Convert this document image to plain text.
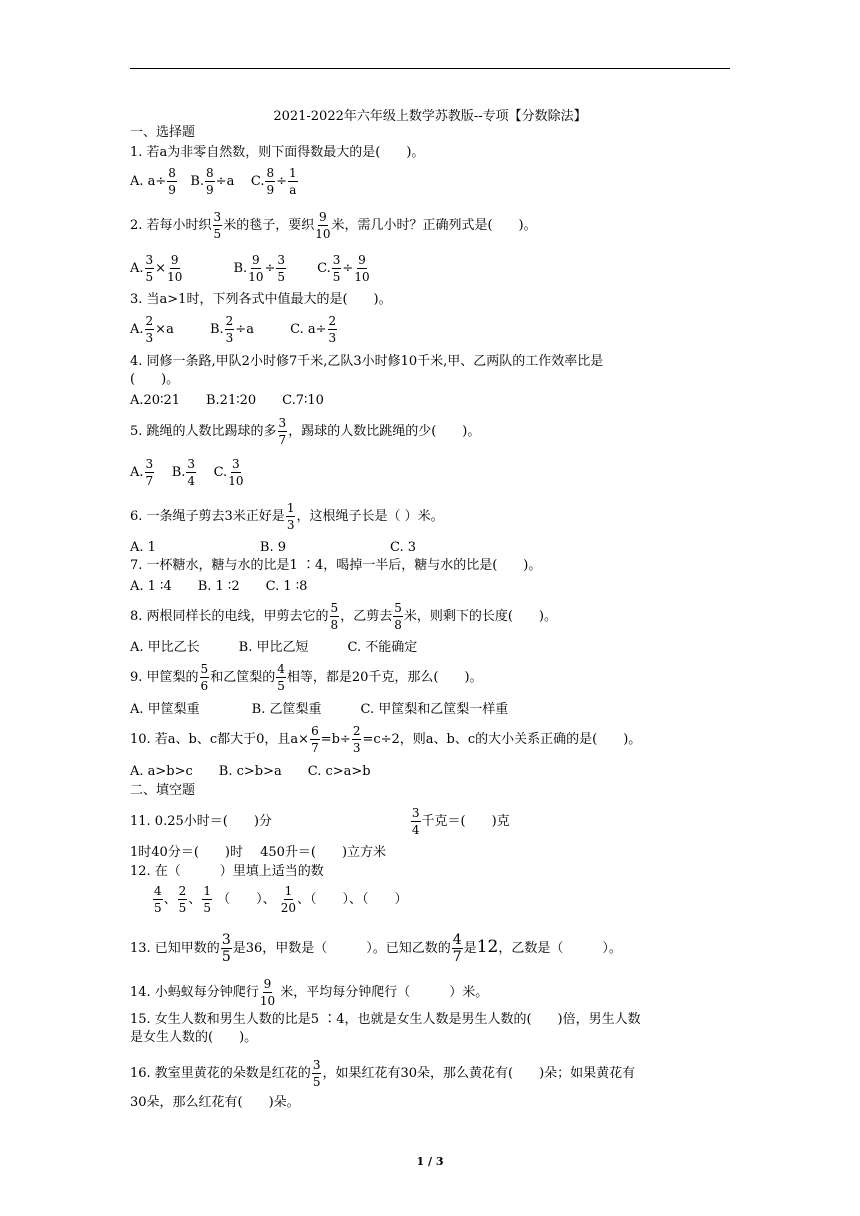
2021-2022年六年级上数学苏教版--专项【分数除法】
一、选择题
1. 若a为非零自然数，则下面得数最大的是(　　)。
A. $a\div \frac{8}{9} B$. $\frac{8}{9} \div a$ C. $\frac{8}{9} \div \frac{1}{a}$
2. 若每小时织 $\frac{3}{5}$ 米的毯子，要织 $\frac{9}{10}$ 米，需几小时？正确列式是(　　)。
A. $\frac{3}{5} \times \frac{9}{10}$	B. $\frac{9}{10} \div \frac{3}{5} C$. $\frac{3}{5} \div \frac{9}{10}$
3. 当a>1时，下列各式中值最大的是(　　)。
A. $\frac{2}{3} \times a$	B. $\frac{2}{3} \div a$	C. $a\div \frac{2}{3}$
4. 同修一条路,甲队2小时修7千米,乙队3小时修10千米,甲、乙两队的工作效率比是
(　　)。
A.20∶21　　B.21∶20　　C.7∶10
5. 跳绳的人数比踢球的多 $\frac{3}{7}$ ，踢球的人数比跳绳的少(　　)。
A. $\frac{3}{7} B$. $\frac{3}{4} C$. $\frac{3}{10}$
6. 一条绳子剪去3米正好是 $\frac{1}{3}$ ，这根绳子长是（ ）米。
A. 1　　　　　　　　B. 9　　　　　　　　C. 3
7. 一杯糖水，糖与水的比是1 ∶4，喝掉一半后，糖与水的比是(　　)。
A. 1 ∶4　　B. 1 ∶2　　C. 1 ∶8
8. 两根同样长的电线，甲剪去它的 $\frac{5}{8}$ ，乙剪去 $\frac{5}{8}$ 米，则剩下的长度(　　)。
A. 甲比乙长　　　B. 甲比乙短　　　C. 不能确定
9. 甲筐梨的 $\frac{5}{6}$ 和乙筐梨的 $\frac{4}{5}$ 相等，都是20千克，那么(　　)。
A. 甲筐梨重　　　　B. 乙筐梨重　　　C. 甲筐梨和乙筐梨一样重
10. 若a、b、c都大于0，且$a\times \frac{6}{7} =b\div \frac{2}{3} =c\div 2$，则a、b、c的大小关系正确的是(　　)。
A. a>b>c　　B. c>b>a　　C. c>a>b
二、填空题
11. 0.25小时＝(　　)分	$\frac{3}{4}$ 千克＝(　　)克
1时40分＝(　　)时　 450升＝(　　)立方米
12. 在（　　　）里填上适当的数
$\frac{4}{5}$ 、 $\frac{2}{5}$ 、 $\frac{1}{5}$ （　　）、 $\frac{1}{20}$ 、（　　）、（　　）
13. 已知甲数的 $\frac{3}{5}$ 是36，甲数是（　　　）。已知乙数的 $\frac{4}{7}$ 是12，乙数是（　　　）。
14. 小蚂蚁每分钟爬行 $\frac{9}{10}$ 米，平均每分钟爬行（　　　）米。
15. 女生人数和男生人数的比是5 ∶4，也就是女生人数是男生人数的(　　)倍，男生人数
是女生人数的(　　)。
16. 教室里黄花的朵数是红花的 $\frac{3}{5}$ ，如果红花有30朵，那么黄花有(　　)朵；如果黄花有
30朵，那么红花有(　　)朵。
1 / 3
